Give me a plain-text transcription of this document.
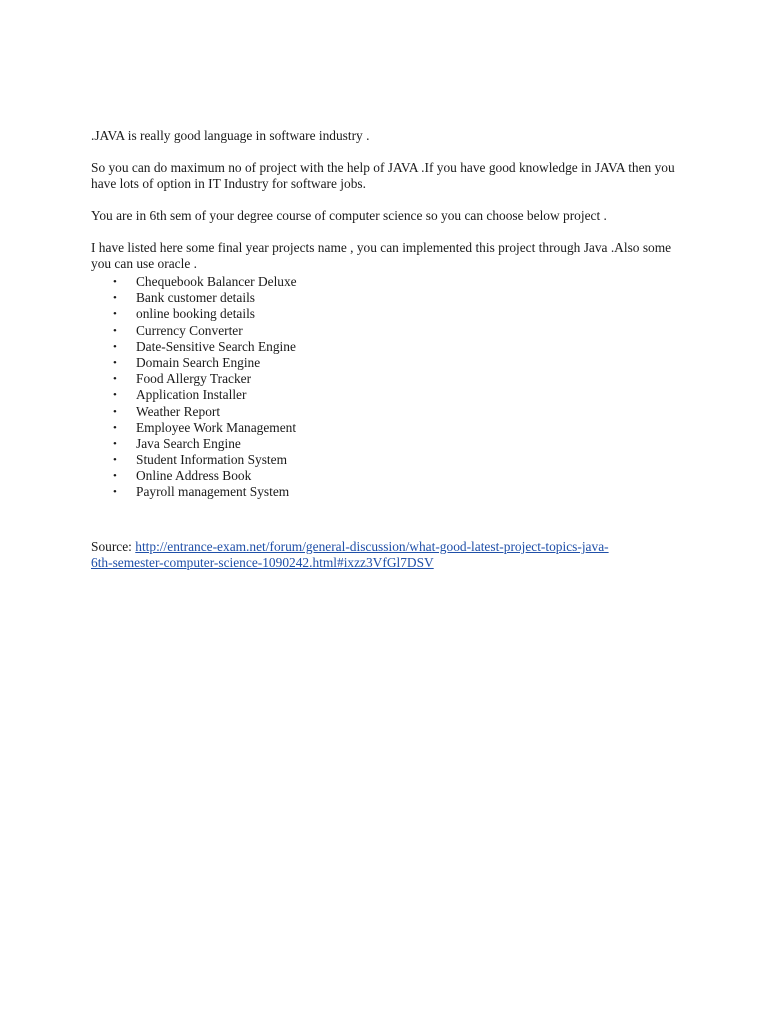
.JAVA is really good language in software industry .

So you can do maximum no of project with the help of JAVA .If you have good knowledge in JAVA then you have lots of option in IT Industry for software jobs.

You are in 6th sem of your degree course of computer science so you can choose below project .

I have listed here some final year projects name , you can implemented this project through Java .Also some you can use oracle .

• Chequebook Balancer Deluxe
• Bank customer details
• online booking details
• Currency Converter
• Date-Sensitive Search Engine
• Domain Search Engine
• Food Allergy Tracker
• Application Installer
• Weather Report
• Employee Work Management
• Java Search Engine
• Student Information System
• Online Address Book
• Payroll management System

Source: http://entrance-exam.net/forum/general-discussion/what-good-latest-project-topics-java-
6th-semester-computer-science-1090242.html#ixzz3VfGl7DSV
